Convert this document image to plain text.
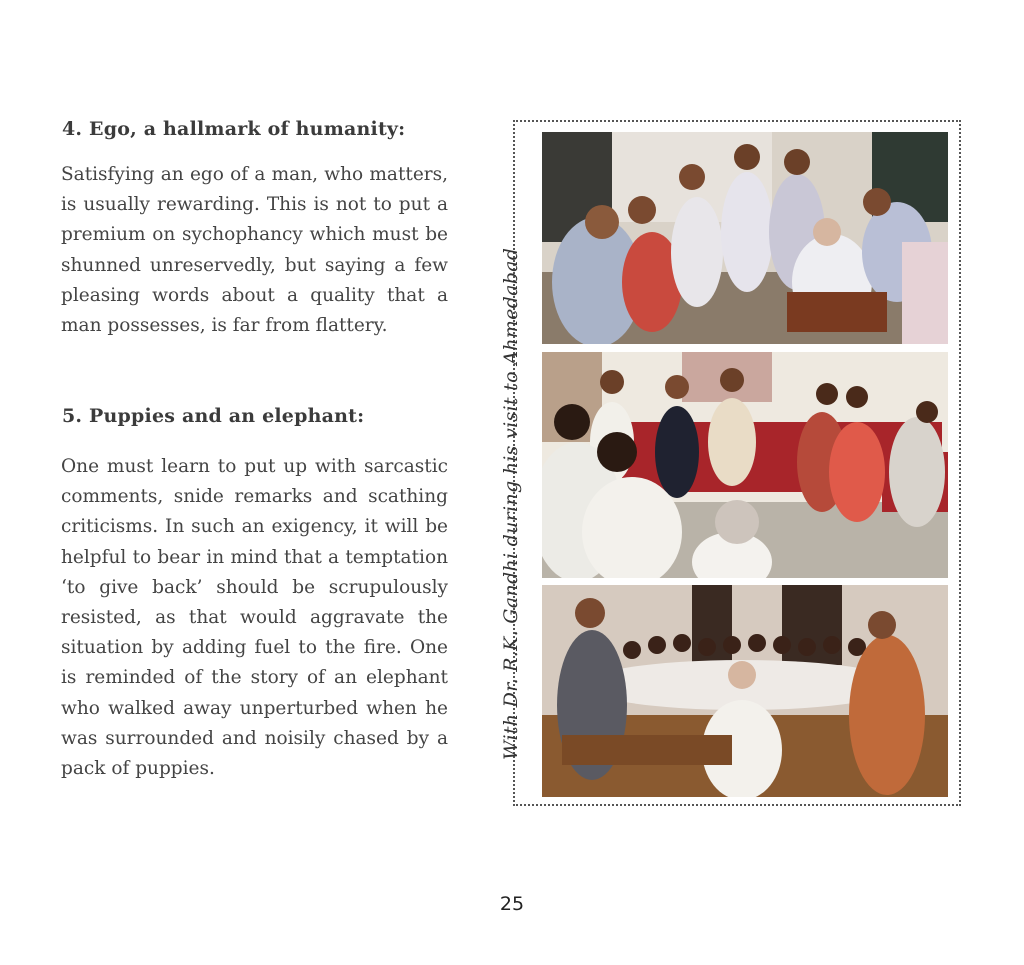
4. Ego, a hallmark of humanity:

Satisfying an ego of a man, who matters, is usually rewarding. This is not to put a premium on sychophancy which must be shunned unreservedly, but saying a few pleasing words about a quality that a man possesses, is far from flattery.

5. Puppies and an elephant:

One must learn to put up with sarcastic comments, snide remarks and scathing criticisms. In such an exigency, it will be helpful to bear in mind that a temptation ‘to give back’ should be scrupulously resisted, as that would aggravate the situation by adding fuel to the fire. One is reminded of the story of an elephant who walked away unperturbed when he was surrounded and noisily chased by a pack of puppies.

With Dr. R.K. Gandhi during his visit to Ahmedabad
25
